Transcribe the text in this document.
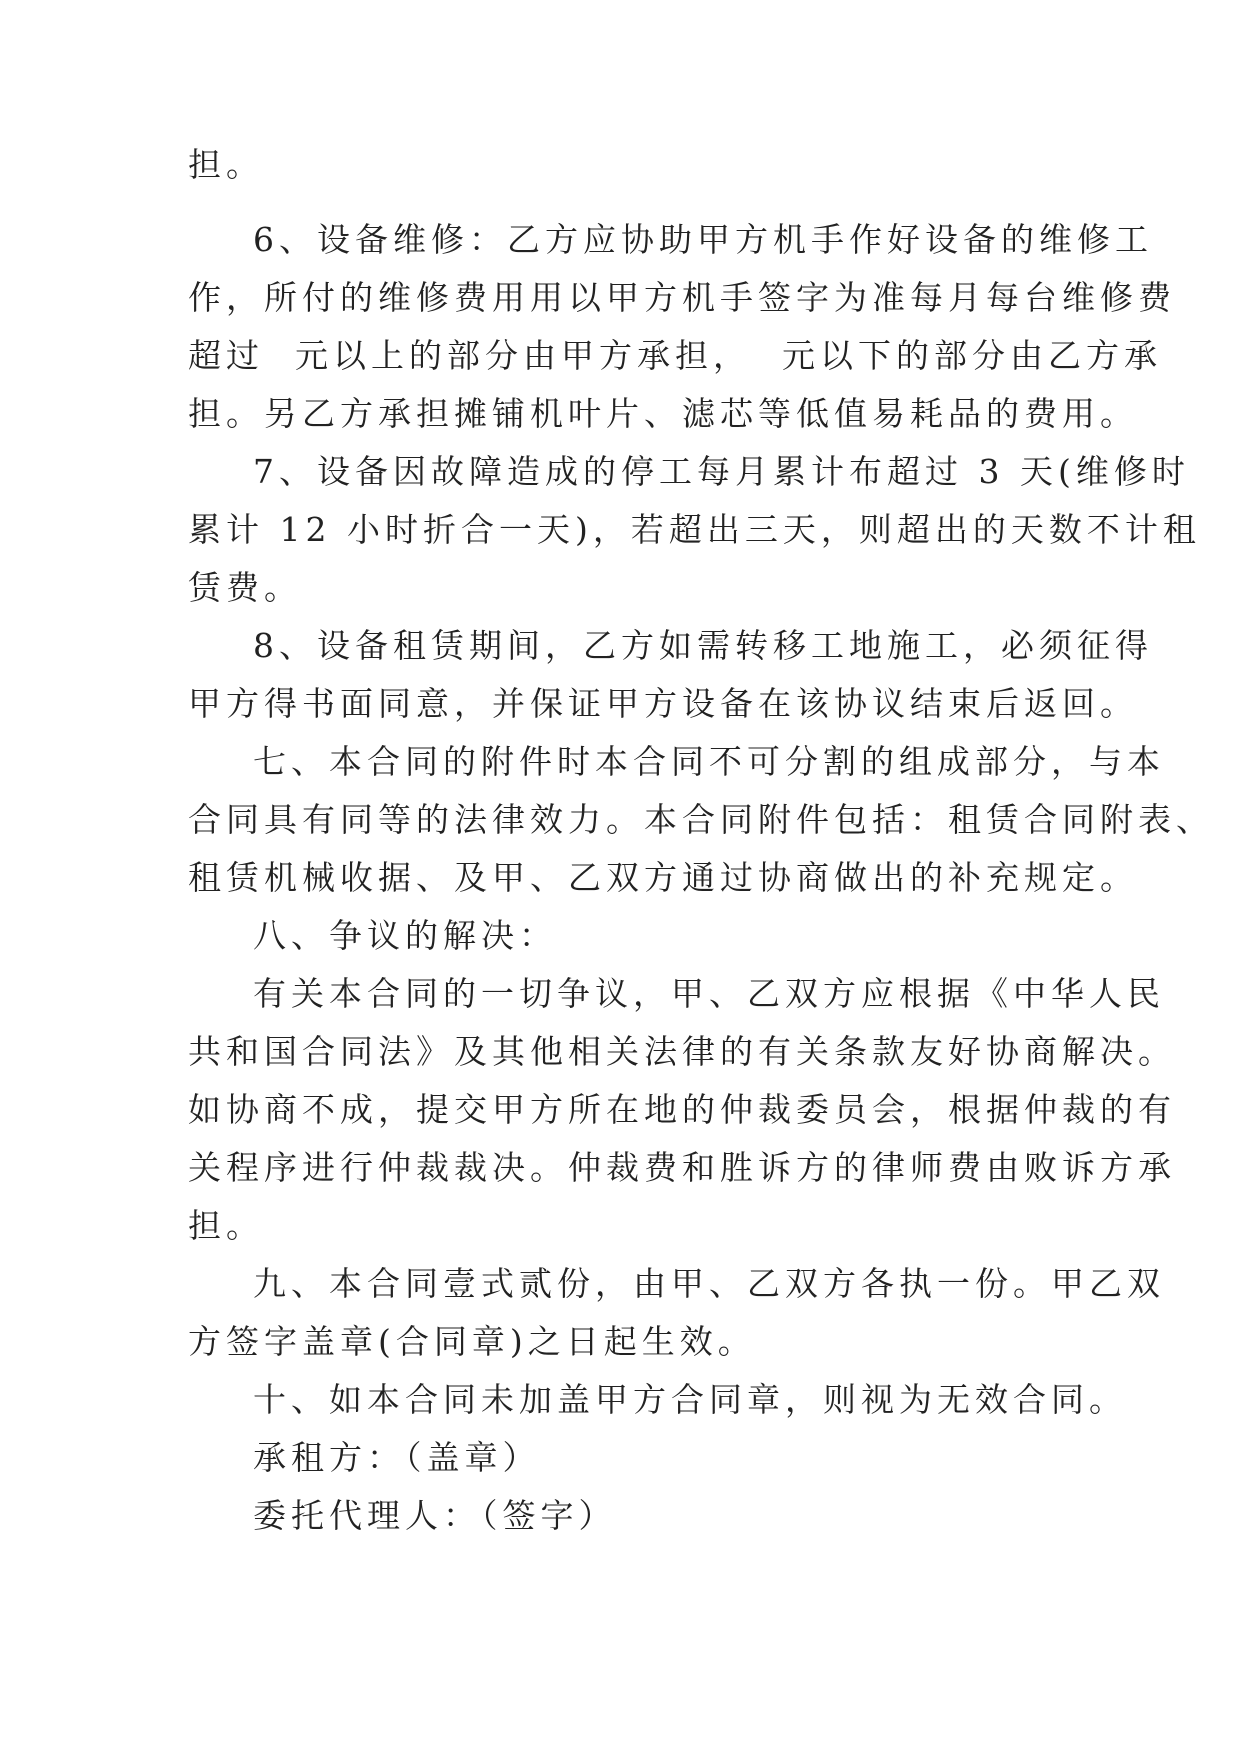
担。

6、设备维修：乙方应协助甲方机手作好设备的维修工

作，所付的维修费用用以甲方机手签字为准每月每台维修费

超过  元以上的部分由甲方承担，  元以下的部分由乙方承

担。另乙方承担摊铺机叶片、滤芯等低值易耗品的费用。

7、设备因故障造成的停工每月累计布超过 3 天(维修时

累计 12 小时折合一天)，若超出三天，则超出的天数不计租

赁费。

8、设备租赁期间，乙方如需转移工地施工，必须征得

甲方得书面同意，并保证甲方设备在该协议结束后返回。

七、本合同的附件时本合同不可分割的组成部分，与本

合同具有同等的法律效力。本合同附件包括：租赁合同附表、

租赁机械收据、及甲、乙双方通过协商做出的补充规定。

八、争议的解决：

有关本合同的一切争议，甲、乙双方应根据《中华人民

共和国合同法》及其他相关法律的有关条款友好协商解决。

如协商不成，提交甲方所在地的仲裁委员会，根据仲裁的有

关程序进行仲裁裁决。仲裁费和胜诉方的律师费由败诉方承

担。

九、本合同壹式贰份，由甲、乙双方各执一份。甲乙双

方签字盖章(合同章)之日起生效。

十、如本合同未加盖甲方合同章，则视为无效合同。

承租方：（盖章）

委托代理人：（签字）
